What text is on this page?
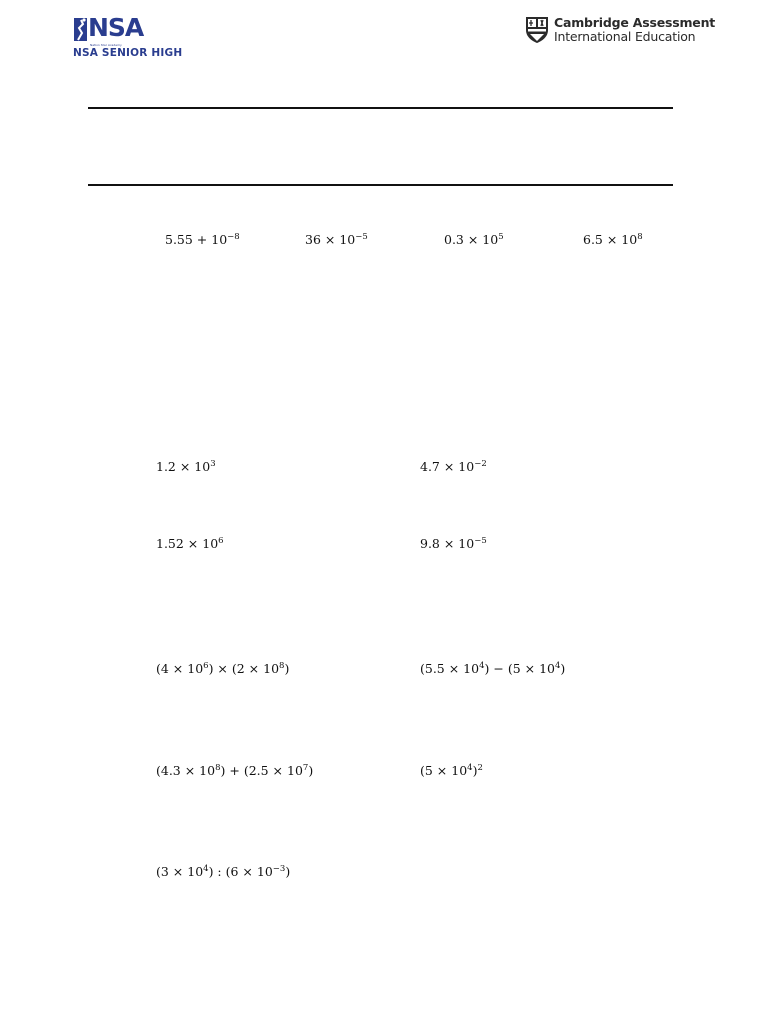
NSA
Nation Star Academy
NSA SENIOR HIGH
Cambridge Assessment
International Education
$5.55 + 10^{-8}$	$36 \times 10^{-5}$	$0.3 \times 10^5$	$6.5 \times 10^8$
$1.2 \times 10^3$	$4.7 \times 10^{-2}$
$1.52 \times 10^6$	$9.8 \times 10^{-5}$
$(4 \times 10^6) \times (2 \times 10^8)$	$(5.5 \times 10^4) - (5 \times 10^4)$
$(4.3 \times 10^8) + (2.5 \times 10^7)$	$(5 \times 10^4)^2$
$(3 \times 10^4)$ : $(6 \times 10^{-3})$
